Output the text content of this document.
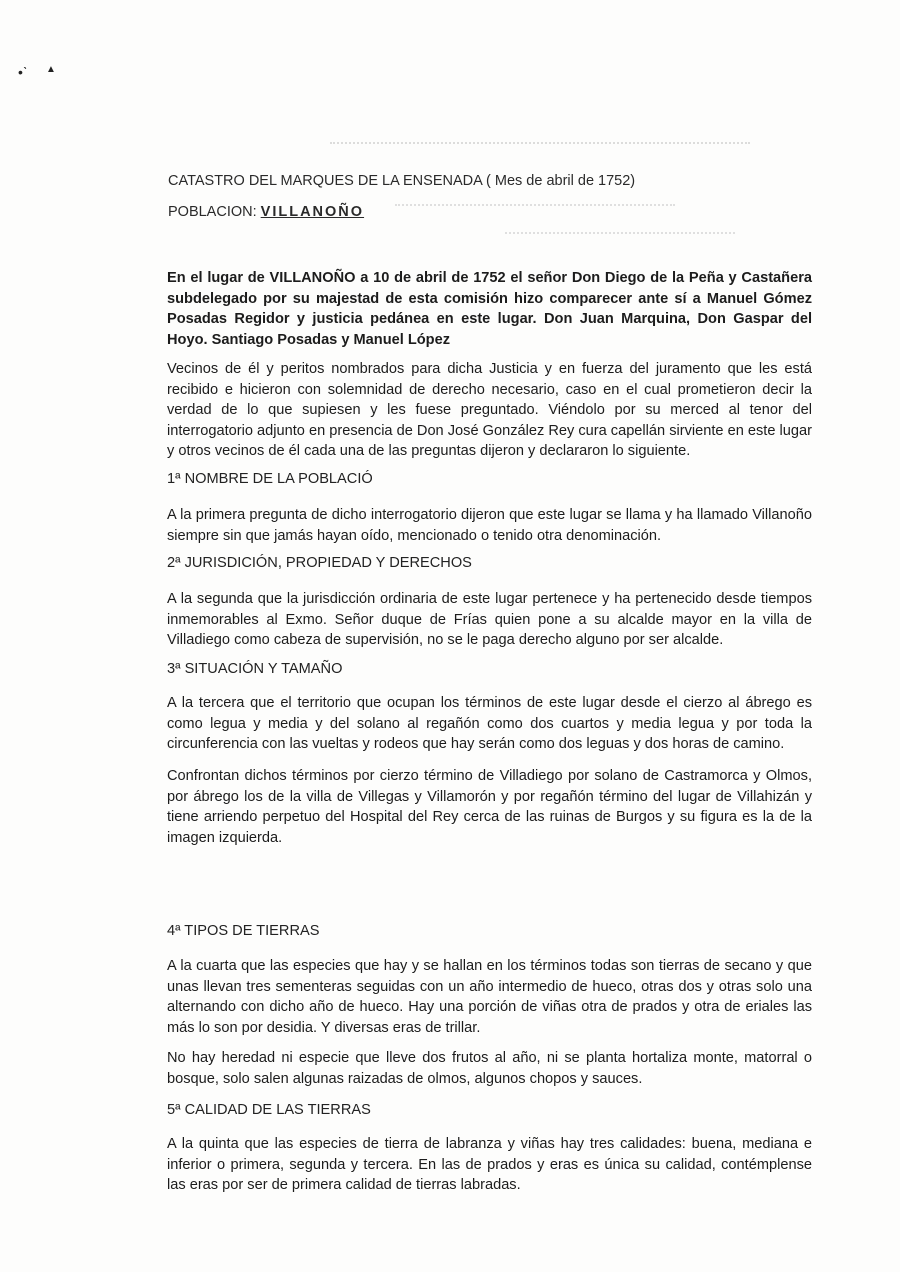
•ˋ ▲
CATASTRO DEL MARQUES DE LA ENSENADA ( Mes de abril de 1752)
POBLACION: VILLANOÑO

En el lugar de VILLANOÑO a 10 de abril de 1752 el señor Don Diego de la Peña y Castañera subdelegado por su majestad de esta comisión hizo comparecer ante sí a Manuel Gómez Posadas Regidor y justicia pedánea en este lugar. Don Juan Marquina, Don Gaspar del Hoyo. Santiago Posadas y Manuel López

Vecinos de él y peritos nombrados para dicha Justicia y en fuerza del juramento que les está recibido e hicieron con solemnidad de derecho necesario, caso en el cual prometieron decir la verdad de lo que supiesen y les fuese preguntado. Viéndolo por su merced al tenor del interrogatorio adjunto en presencia de Don José González Rey cura capellán sirviente en este lugar y otros vecinos de él cada una de las preguntas dijeron y declararon lo siguiente.

1ª NOMBRE DE LA POBLACIÓ

A la primera pregunta de dicho interrogatorio dijeron que este lugar se llama y ha llamado Villanoño siempre sin que jamás hayan oído, mencionado o tenido otra denominación.

2ª JURISDICIÓN, PROPIEDAD Y DERECHOS

A la segunda que la jurisdicción ordinaria de este lugar pertenece y ha pertenecido desde tiempos inmemorables al Exmo. Señor duque de Frías quien pone a su alcalde mayor en la villa de Villadiego como cabeza de supervisión, no se le paga derecho alguno por ser alcalde.

3ª SITUACIÓN Y TAMAÑO

A la tercera que el territorio que ocupan los términos de este lugar desde el cierzo al ábrego es como legua y media y del solano al regañón como dos cuartos y media legua y por toda la circunferencia con las vueltas y rodeos que hay serán como dos leguas y dos horas de camino.

Confrontan dichos términos por cierzo término de Villadiego por solano de Castramorca y Olmos, por ábrego los de la villa de Villegas y Villamorón y por regañón término del lugar de Villahizán y tiene arriendo perpetuo del Hospital del Rey cerca de las ruinas de Burgos y su figura es la de la imagen izquierda.

4ª TIPOS DE TIERRAS

A la cuarta que las especies que hay y se hallan en los términos todas son tierras de secano y que unas llevan tres sementeras seguidas con un año intermedio de hueco, otras dos y otras solo una alternando con dicho año de hueco. Hay una porción de viñas otra de prados y otra de eriales las más lo son por desidia. Y diversas eras de trillar.

No hay heredad ni especie que lleve dos frutos al año, ni se planta hortaliza monte, matorral o bosque, solo salen algunas raizadas de olmos, algunos chopos y sauces.

5ª CALIDAD DE LAS TIERRAS

A la quinta que las especies de tierra de labranza y viñas hay tres calidades: buena, mediana e inferior o primera, segunda y tercera. En las de prados y eras es única su calidad, contémplense las eras por ser de primera calidad de tierras labradas.
